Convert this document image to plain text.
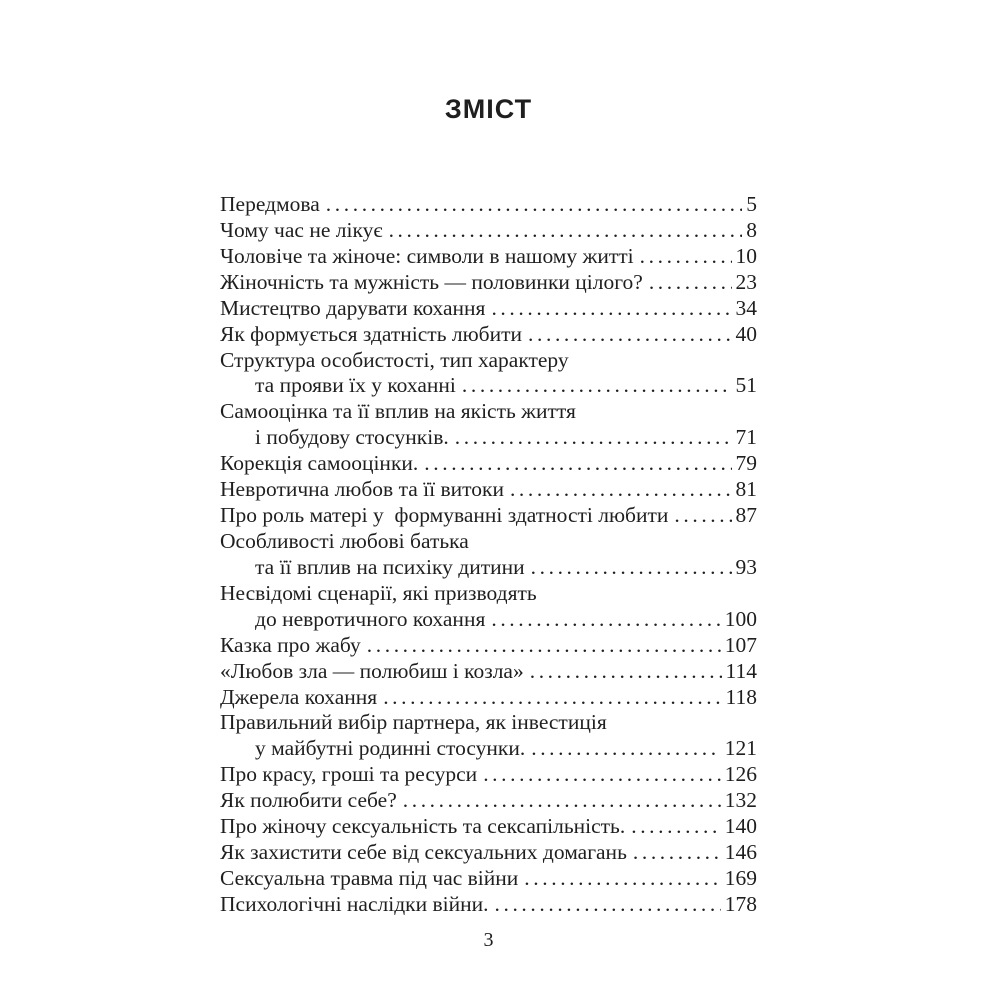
ЗМІСТ
Передмова .....	5
Чому час не лікує .....	8
Чоловіче та жіноче: символи в нашому житті .....	10
Жіночність та мужність — половинки цілого? .....	23
Мистецтво дарувати кохання .....	34
Як формується здатність любити .....	40
Структура особистості, тип характеру
та прояви їх у коханні .....	51
Самооцінка та її вплив на якість життя
і побудову стосунків. .....	71
Корекція самооцінки. .....	79
Невротична любов та її витоки .....	81
Про роль матері у  формуванні здатності любити .....	87
Особливості любові батька
та її вплив на психіку дитини .....	93
Несвідомі сценарії, які призводять
до невротичного кохання .....	100
Казка про жабу .....	107
«Любов зла — полюбиш і козла» .....	114
Джерела кохання .....	118
Правильний вибір партнера, як інвестиція
у майбутні родинні стосунки. .....	121
Про красу, гроші та ресурси .....	126
Як полюбити себе? .....	132
Про жіночу сексуальність та сексапільність. .....	140
Як захистити себе від сексуальних домагань .....	146
Сексуальна травма під час війни .....	169
Психологічні наслідки війни. .....	178
3
